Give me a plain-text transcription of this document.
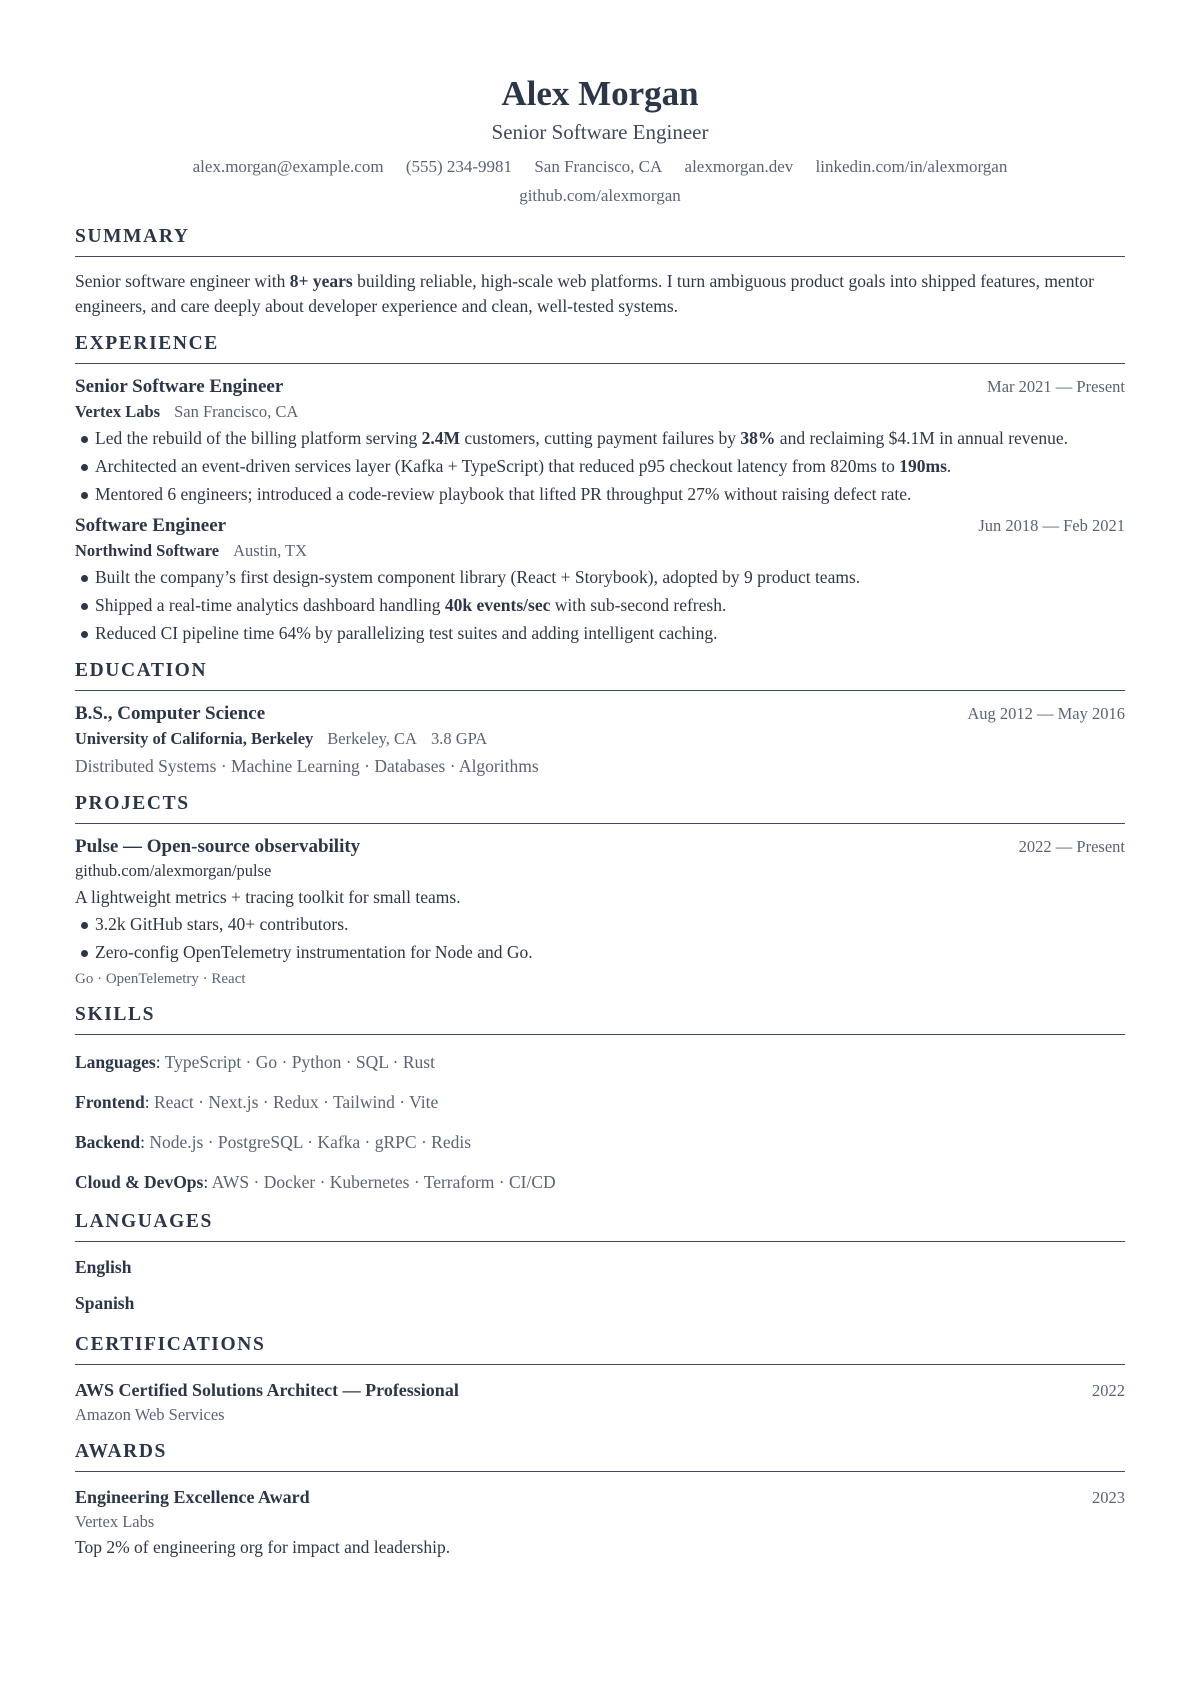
Alex Morgan
Senior Software Engineer
alex.morgan@example.com (555) 234-9981 San Francisco, CA alexmorgan.dev linkedin.com/in/alexmorgan
github.com/alexmorgan
SUMMARY
Senior software engineer with 8+ years building reliable, high-scale web platforms. I turn ambiguous product goals into shipped features, mentor engineers, and care deeply about developer experience and clean, well-tested systems.
EXPERIENCE
Senior Software Engineer	Mar 2021 — Present
Vertex Labs San Francisco, CA
Led the rebuild of the billing platform serving 2.4M customers, cutting payment failures by 38% and reclaiming $4.1M in annual revenue.
Architected an event-driven services layer (Kafka + TypeScript) that reduced p95 checkout latency from 820ms to 190ms.
Mentored 6 engineers; introduced a code-review playbook that lifted PR throughput 27% without raising defect rate.
Software Engineer	Jun 2018 — Feb 2021
Northwind Software Austin, TX
Built the company’s first design-system component library (React + Storybook), adopted by 9 product teams.
Shipped a real-time analytics dashboard handling 40k events/sec with sub-second refresh.
Reduced CI pipeline time 64% by parallelizing test suites and adding intelligent caching.
EDUCATION
B.S., Computer Science	Aug 2012 — May 2016
University of California, Berkeley Berkeley, CA 3.8 GPA
Distributed Systems · Machine Learning · Databases · Algorithms
PROJECTS
Pulse — Open-source observability	2022 — Present
github.com/alexmorgan/pulse
A lightweight metrics + tracing toolkit for small teams.
3.2k GitHub stars, 40+ contributors.
Zero-config OpenTelemetry instrumentation for Node and Go.
Go · OpenTelemetry · React
SKILLS
Languages: TypeScript · Go · Python · SQL · Rust
Frontend: React · Next.js · Redux · Tailwind · Vite
Backend: Node.js · PostgreSQL · Kafka · gRPC · Redis
Cloud & DevOps: AWS · Docker · Kubernetes · Terraform · CI/CD
LANGUAGES
English
Spanish
CERTIFICATIONS
AWS Certified Solutions Architect — Professional	2022
Amazon Web Services
AWARDS
Engineering Excellence Award	2023
Vertex Labs
Top 2% of engineering org for impact and leadership.
